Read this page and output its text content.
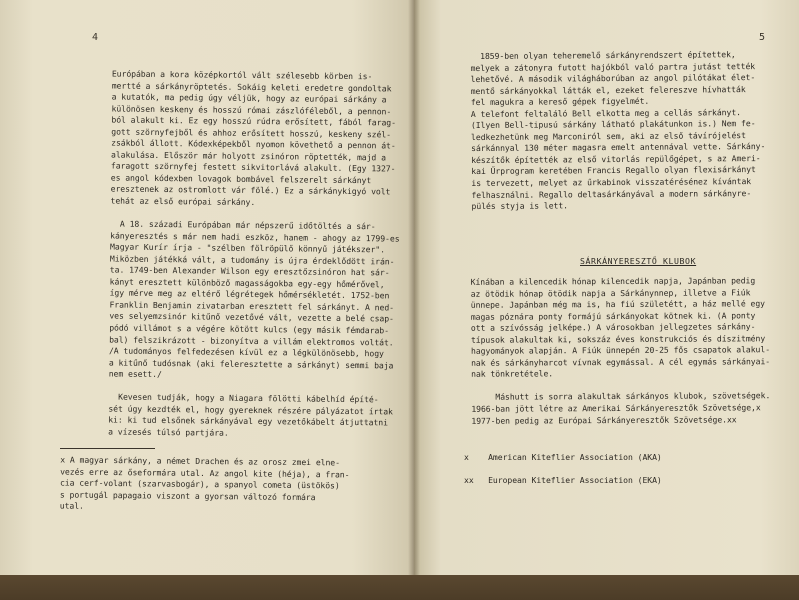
4
Európában a kora középkortól vált szélesebb körben is-
mertté a sárkányröptetés. Sokáig keleti eredetre gondoltak
a kutatók, ma pedig úgy véljük, hogy az európai sárkány a
különösen keskeny és hosszú római zászlóféleből, a pennon-
ból alakult ki. Ez egy hosszú rúdra erősített, fából farag-
gott szörnyfejből és ahhoz erősített hosszú, keskeny szél-
zsákból állott. Kódexképekből nyomon követhető a pennon át-
alakulása. Először már holyott zsinóron röptették, majd a
faragott szörnyfej festett sikvitorlává alakult. (Egy 1327-
es angol kódexben lovagok bombável felszerelt sárkányt
eresztenek az ostromlott vár fölé.) Ez a sárkánykigyó volt
tehát az első európai sárkány.

A 18. századi Európában már népszerű időtöltés a sár-
kányeresztés s már nem hadi eszköz, hanem - ahogy az 1799-es
Magyar Kurír írja - "szélben fölröpülő könnyű játékszer".
Miközben játékká vált, a tudomány is újra érdeklődött irán-
ta. 1749-ben Alexander Wilson egy eresztőzsinóron hat sár-
kányt eresztett különböző magasságokba egy-egy hőmérővel,
így mérve meg az eltérő légrétegek hőmérsékletét. 1752-ben
Franklin Benjamin zivatarban eresztett fel sárkányt. A ned-
ves selyemzsinór kitűnő vezetővé vált, vezette a belé csap-
pódó villámot s a végére kötött kulcs (egy másik fémdarab-
bal) felszikrázott - bizonyítva a villám elektromos voltát.
/A tudományos felfedezésen kívül ez a légkülönösebb, hogy
a kitűnő tudósnak (aki feleresztette a sárkányt) semmi baja
nem esett./

Kevesen tudják, hogy a Niagara fölötti kábelhíd építé-
sét úgy kezdték el, hogy gyereknek részére pályázatot írtak
ki: ki tud elsőnek sárkányával egy vezetőkábelt átjuttatni
a vízesés túlsó partjára.
x A magyar sárkány, a német Drachen és az orosz zmei elne-
vezés erre az őseformára utal. Az angol kite (héja), a fran-
cia cerf-volant (szarvasbogár), a spanyol cometa (üstökös)
s portugál papagaio viszont a gyorsan változó formára
utal.
5
1859-ben olyan teheremelő sárkányrendszert építettek,
melyek a zátonyra futott hajókból való partra jutást tették
lehetővé. A második világháborúban az angol pilótákat élet-
mentő sárkányokkal látták el, ezeket felereszve hívhatták
fel magukra a kereső gépek figyelmét.
A telefont feltaláló Bell elkotta meg a cellás sárkányt.
(Ilyen Bell-tipusú sárkány látható plakátunkon is.) Nem fe-
ledkezhetünk meg Marconiról sem, aki az első távírójelést
sárkánnyal 130 méter magasra emelt antennával vette. Sárkány-
készítők építették az első vitorlás repülőgépet, s az Ameri-
kai Űrprogram keretében Francis Regallo olyan flexisárkányt
is tervezett, melyet az űrkabinok visszatérésénez kívántak
felhasználni. Regallo deltasárkányával a modern sárkányre-
pülés styja is lett.
Kínában a kilencedik hónap kilencedik napja, Japánban pedig
az ötödik hónap ötödik napja a Sárkánynnep, illetve a Fiúk
ünnepe. Japánban még ma is, ha fiú születétt, a ház mellé egy
magas póznára ponty formájú sárkányokat kötnek ki. (A ponty
ott a szívósság jelképe.) A városokban jellegzetes sárkány-
típusok alakultak ki, sokszáz éves konstrukciós és díszitmény
hagyományok alapján. A Fiúk ünnepén 20-25 fős csapatok alakul-
nak és sárkányharcot vívnak egymással. A cél egymás sárkányai-
nak tönkretétele.

Máshutt is sorra alakultak sárkányos klubok, szövetségek.
1966-ban jött létre az Amerikai Sárkányeresztők Szövetsége,x
1977-ben pedig az Európai Sárkányeresztők Szövetsége.xx
x    American Kiteflier Association (AKA)

xx   European Kiteflier Association (EKA)
SÁRKÁNYERESZTŐ KLUBOK
